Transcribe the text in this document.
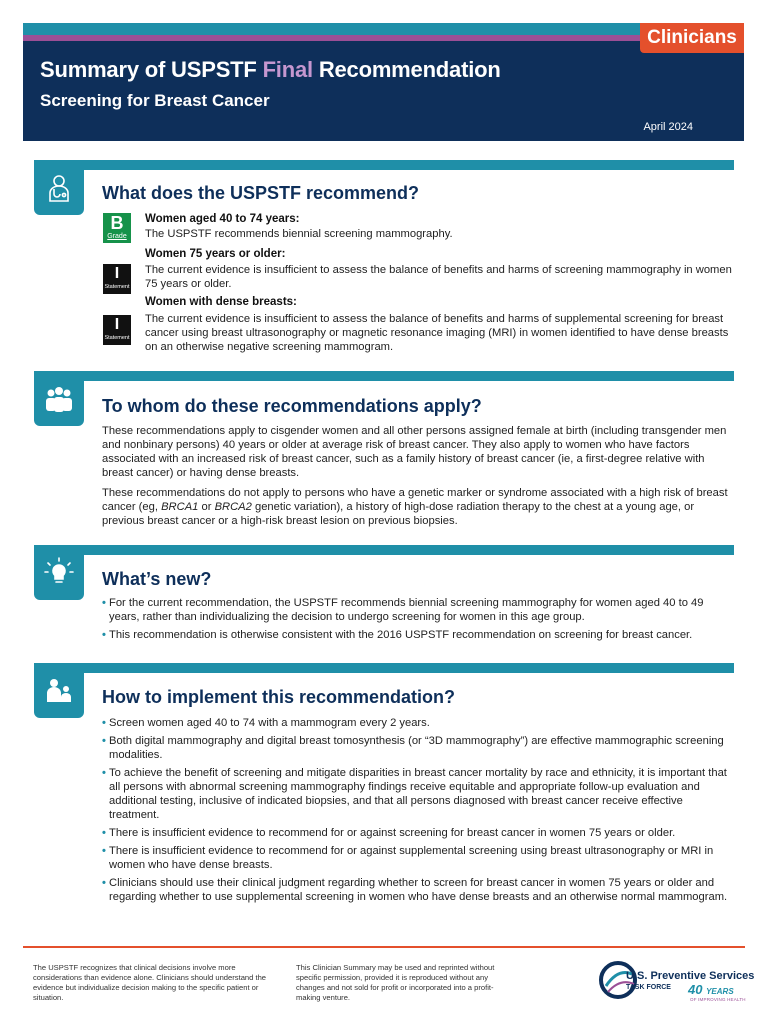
Clinicians
Summary of USPSTF Final Recommendation
Screening for Breast Cancer
April 2024
What does the USPSTF recommend?
B
Grade
Women aged 40 to 74 years:
The USPSTF recommends biennial screening mammography.
I
Statement
Women 75 years or older:
The current evidence is insufficient to assess the balance of benefits and harms of screening mammography in women 75 years or older.
I
Statement
Women with dense breasts:
The current evidence is insufficient to assess the balance of benefits and harms of supplemental screening for breast cancer using breast ultrasonography or magnetic resonance imaging (MRI) in women identified to have dense breasts on an otherwise negative screening mammogram.
To whom do these recommendations apply?
These recommendations apply to cisgender women and all other persons assigned female at birth (including transgender men and nonbinary persons) 40 years or older at average risk of breast cancer. They also apply to women who have factors associated with an increased risk of breast cancer, such as a family history of breast cancer (ie, a first-degree relative with breast cancer) or having dense breasts.
These recommendations do not apply to persons who have a genetic marker or syndrome associated with a high risk of breast cancer (eg, BRCA1 or BRCA2 genetic variation), a history of high-dose radiation therapy to the chest at a young age, or previous breast cancer or a high-risk breast lesion on previous biopsies.
What’s new?
• For the current recommendation, the USPSTF recommends biennial screening mammography for women aged 40 to 49 years, rather than individualizing the decision to undergo screening for women in this age group.
• This recommendation is otherwise consistent with the 2016 USPSTF recommendation on screening for breast cancer.
How to implement this recommendation?
• Screen women aged 40 to 74 with a mammogram every 2 years.
• Both digital mammography and digital breast tomosynthesis (or “3D mammography”) are effective mammographic screening modalities.
• To achieve the benefit of screening and mitigate disparities in breast cancer mortality by race and ethnicity, it is important that all persons with abnormal screening mammography findings receive equitable and appropriate follow-up evaluation and additional testing, inclusive of indicated biopsies, and that all persons diagnosed with breast cancer receive effective treatment.
• There is insufficient evidence to recommend for or against screening for breast cancer in women 75 years or older.
• There is insufficient evidence to recommend for or against supplemental screening using breast ultrasonography or MRI in women who have dense breasts.
• Clinicians should use their clinical judgment regarding whether to screen for breast cancer in women 75 years or older and regarding whether to use supplemental screening in women who have dense breasts and an otherwise normal mammogram.
The USPSTF recognizes that clinical decisions involve more considerations than evidence alone. Clinicians should understand the evidence but individualize decision making to the specific patient or situation.
This Clinician Summary may be used and reprinted without specific permission, provided it is reproduced without any changes and not sold for profit or incorporated into a profit-making venture.
U.S. Preventive Services
TASK FORCE 40 YEARS
OF IMPROVING HEALTH
